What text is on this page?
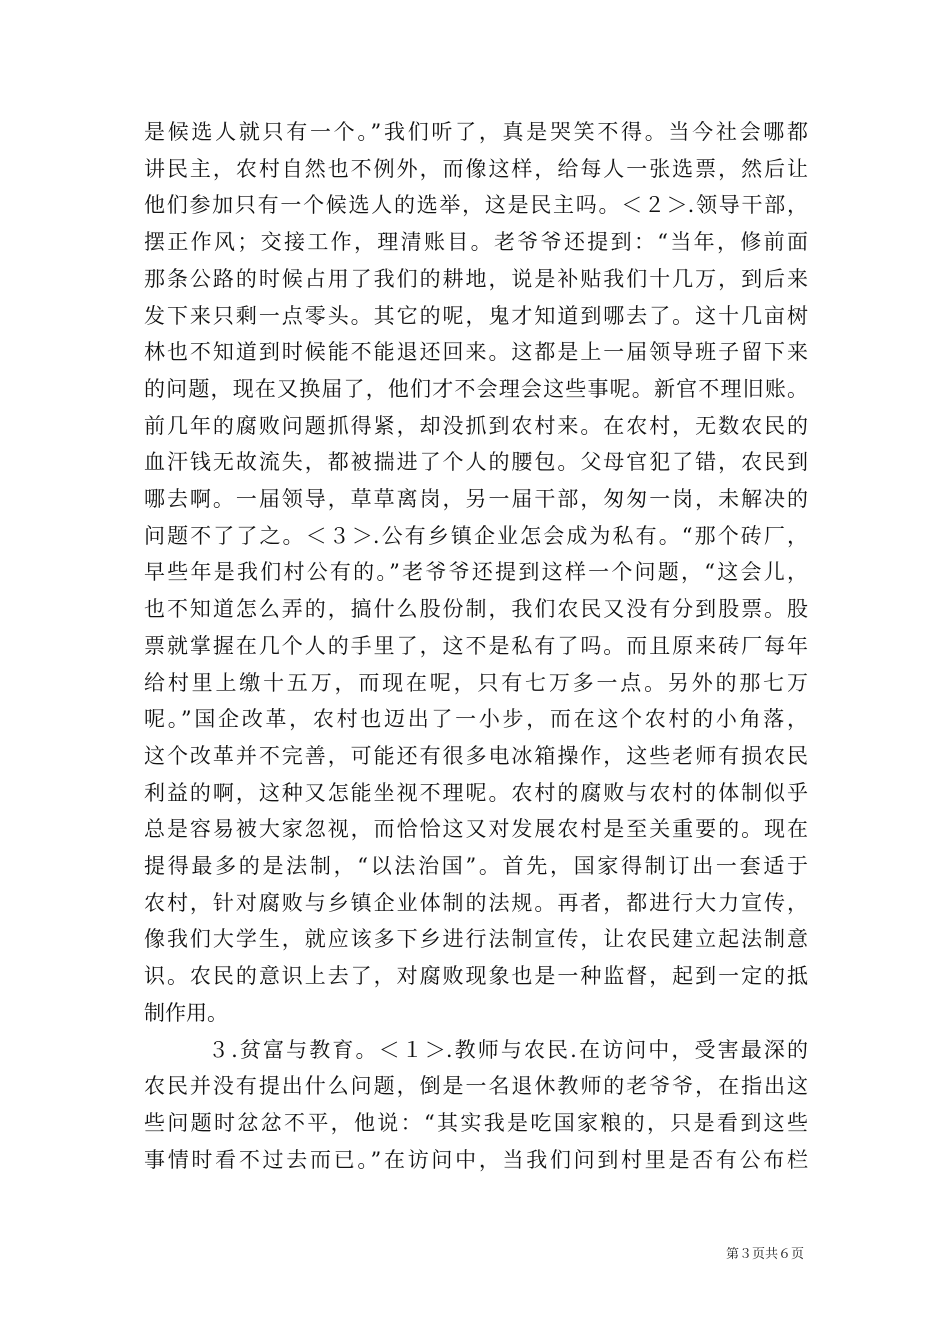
是候选人就只有一个。”我们听了，真是哭笑不得。当今社会哪都
讲民主，农村自然也不例外，而像这样，给每人一张选票，然后让
他们参加只有一个候选人的选举，这是民主吗。＜２＞.领导干部，
摆正作风；交接工作，理清账目。老爷爷还提到：“当年，修前面
那条公路的时候占用了我们的耕地，说是补贴我们十几万，到后来
发下来只剩一点零头。其它的呢，鬼才知道到哪去了。这十几亩树
林也不知道到时候能不能退还回来。这都是上一届领导班子留下来
的问题，现在又换届了，他们才不会理会这些事呢。新官不理旧账。
前几年的腐败问题抓得紧，却没抓到农村来。在农村，无数农民的
血汗钱无故流失，都被揣进了个人的腰包。父母官犯了错，农民到
哪去啊。一届领导，草草离岗，另一届干部，匆匆一岗，未解决的
问题不了了之。＜３＞.公有乡镇企业怎会成为私有。“那个砖厂，
早些年是我们村公有的。”老爷爷还提到这样一个问题，“这会儿，
也不知道怎么弄的，搞什么股份制，我们农民又没有分到股票。股
票就掌握在几个人的手里了，这不是私有了吗。而且原来砖厂每年
给村里上缴十五万，而现在呢，只有七万多一点。另外的那七万
呢。”国企改革，农村也迈出了一小步，而在这个农村的小角落，
这个改革并不完善，可能还有很多电冰箱操作，这些老师有损农民
利益的啊，这种又怎能坐视不理呢。农村的腐败与农村的体制似乎
总是容易被大家忽视，而恰恰这又对发展农村是至关重要的。现在
提得最多的是法制，“以法治国”。首先，国家得制订出一套适于
农村，针对腐败与乡镇企业体制的法规。再者，都进行大力宣传，
像我们大学生，就应该多下乡进行法制宣传，让农民建立起法制意
识。农民的意识上去了，对腐败现象也是一种监督，起到一定的抵
制作用。

３.贫富与教育。＜１＞.教师与农民.在访问中，受害最深的
农民并没有提出什么问题，倒是一名退休教师的老爷爷，在指出这
些问题时忿忿不平，他说：“其实我是吃国家粮的，只是看到这些
事情时看不过去而已。”在访问中，当我们问到村里是否有公布栏

第３页共６页
